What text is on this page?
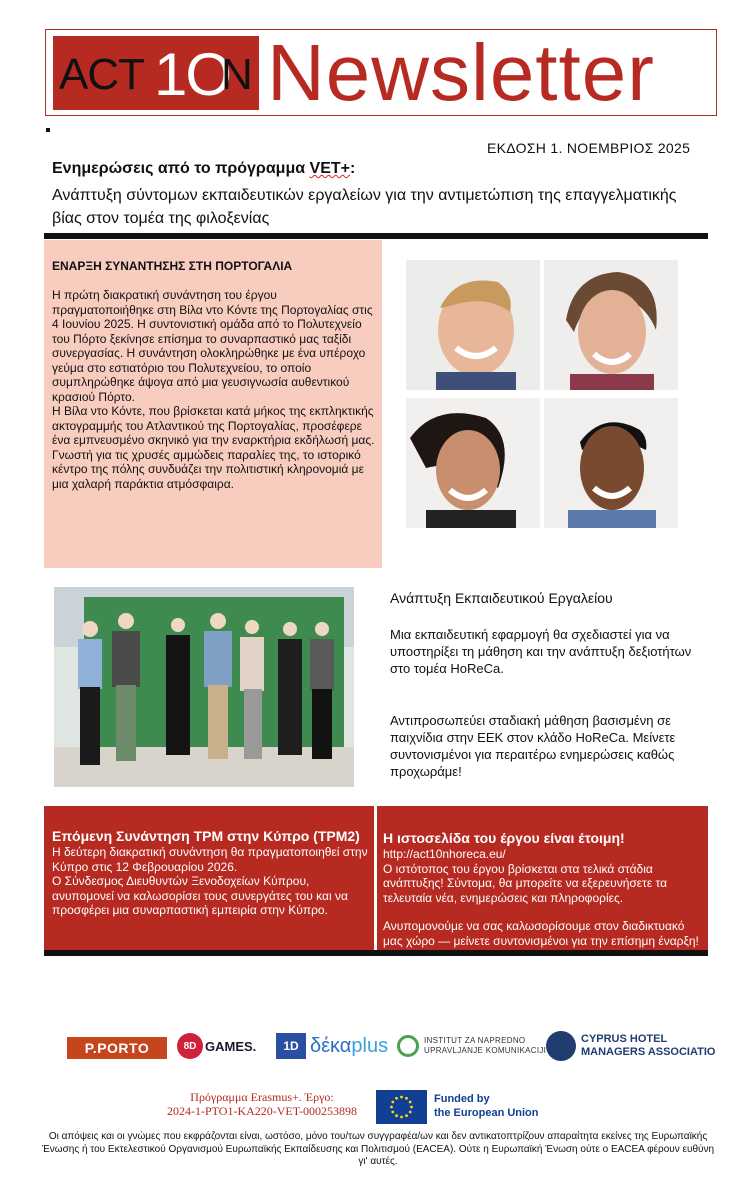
ACT 1O
N Newsletter
ΕΚΔΟΣΗ 1. ΝΟΕΜΒΡΙΟΣ 2025
Ενημερώσεις από το πρόγραμμα VET+:
Ανάπτυξη σύντομων εκπαιδευτικών εργαλείων για την αντιμετώπιση της επαγγελματικής βίας στον τομέα της φιλοξενίας
ΕΝΑΡΞΗ ΣΥΝΑΝΤΗΣΗΣ ΣΤΗ ΠΟΡΤΟΓΑΛΙΑ

Η πρώτη διακρατική συνάντηση του έργου πραγματοποιήθηκε στη Βίλα ντο Κόντε της Πορτογαλίας στις 4 Ιουνίου 2025. Η συντονιστική ομάδα από το Πολυτεχνείο του Πόρτο ξεκίνησε επίσημα το συναρπαστικό μας ταξίδι συνεργασίας. Η συνάντηση ολοκληρώθηκε με ένα υπέροχο γεύμα στο εστιατόριο του Πολυτεχνείου, το οποίο συμπληρώθηκε άψογα από μια γευσιγνωσία αυθεντικού κρασιού Πόρτο.
Η Βίλα ντο Κόντε, που βρίσκεται κατά μήκος της εκπληκτικής ακτογραμμής του Ατλαντικού της Πορτογαλίας, προσέφερε ένα εμπνευσμένο σκηνικό για την εναρκτήρια εκδήλωσή μας. Γνωστή για τις χρυσές αμμώδεις παραλίες της, το ιστορικό κέντρο της πόλης συνδυάζει την πολιτιστική κληρονομιά με μια χαλαρή παράκτια ατμόσφαιρα.

Ανάπτυξη Εκπαιδευτικού Εργαλείου
Μια εκπαιδευτική εφαρμογή θα σχεδιαστεί για να υποστηρίξει τη μάθηση και την ανάπτυξη δεξιοτήτων στο τομέα HoReCa.
Αντιπροσωπεύει σταδιακή μάθηση βασισμένη σε παιχνίδια στην ΕΕΚ στον κλάδο HoReCa. Μείνετε συντονισμένοι για περαιτέρω ενημερώσεις καθώς προχωράμε!
Επόμενη Συνάντηση TPM στην Κύπρο (TPM2)

Η δεύτερη διακρατική συνάντηση θα πραγματοποιηθεί στην Κύπρο στις 12 Φεβρουαρίου 2026.

Ο Σύνδεσμος Διευθυντών Ξενοδοχείων Κύπρου, ανυπομονεί να καλωσορίσει τους συνεργάτες του και να προσφέρει μια συναρπαστική εμπειρία στην Κύπρο.

Η ιστοσελίδα του έργου είναι έτοιμη!

http://act10nhoreca.eu/

Ο ιστότοπος του έργου βρίσκεται στα τελικά στάδια ανάπτυξης! Σύντομα, θα μπορείτε να εξερευνήσετε τα τελευταία νέα, ενημερώσεις και πληροφορίες.

Ανυπομονούμε να σας καλωσορίσουμε στον διαδικτυακό μας χώρο — μείνετε συντονισμένοι για την επίσημη έναρξη!

P.PORTO	8D GAMES.	1D δέκαplus	INSTITUT ZA NAPREDNO
UPRAVLJANJE KOMUNIKACIJI
CYPRUS HOTEL
MANAGERS ASSOCIATIO
Πρόγραμμα Erasmus+. Έργο:
2024-1-PTO1-KA220-VET-000253898
Funded by
the European Union
Οι απόψεις και οι γνώμες που εκφράζονται είναι, ωστόσο, μόνο του/των συγγραφέα/ων και δεν αντικατοπτρίζουν απαραίτητα εκείνες της Ευρωπαϊκής Ένωσης ή του Εκτελεστικού Οργανισμού Ευρωπαϊκής Εκπαίδευσης και Πολιτισμού (EACEA). Ούτε η Ευρωπαϊκή Ένωση ούτε ο EACEA φέρουν ευθύνη γι' αυτές.
